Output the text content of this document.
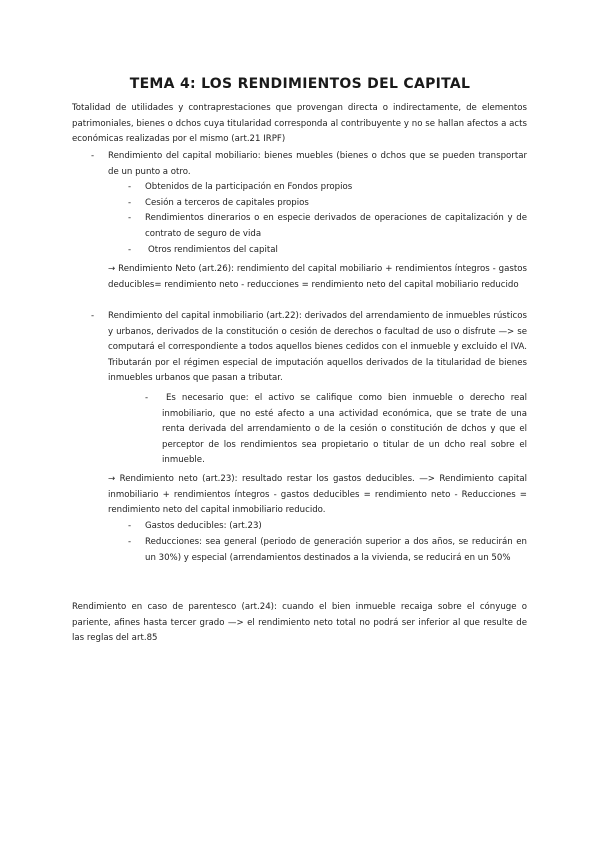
TEMA 4: LOS RENDIMIENTOS DEL CAPITAL

Totalidad de utilidades y contraprestaciones que provengan directa o indirectamente, de elementos patrimoniales, bienes o dchos cuya titularidad corresponda al contribuyente y no se hallan afectos a acts económicas realizadas por el mismo (art.21 IRPF)

- Rendimiento del capital mobiliario: bienes muebles (bienes o dchos que se pueden transportar de un punto a otro.
- Obtenidos de la participación en Fondos propios
- Cesión a terceros de capitales propios
- Rendimientos dinerarios o en especie derivados de operaciones de capitalización y de contrato de seguro de vida
-	Otros rendimientos del capital
→ Rendimiento Neto (art.26): rendimiento del capital mobiliario + rendimientos íntegros - gastos deducibles= rendimiento neto - reducciones = rendimiento neto del capital mobiliario reducido
- Rendimiento del capital inmobiliario (art.22): derivados del arrendamiento de inmuebles rústicos y urbanos, derivados de la constitución o cesión de derechos o facultad de uso o disfrute —> se computará el correspondiente a todos aquellos bienes cedidos con el inmueble y excluido el IVA. Tributarán por el régimen especial de imputación aquellos derivados de la titularidad de bienes inmuebles urbanos que pasan a tributar.
-	Es necesario que: el activo se califique como bien inmueble o derecho real inmobiliario, que no esté afecto a una actividad económica, que se trate de una renta derivada del arrendamiento o de la cesión o constitución de dchos y que el perceptor de los rendimientos sea propietario o titular de un dcho real sobre el inmueble.
→ Rendimiento neto (art.23): resultado restar los gastos deducibles. —> Rendimiento capital inmobiliario + rendimientos íntegros - gastos deducibles = rendimiento neto - Reducciones = rendimiento neto del capital inmobiliario reducido.
- Gastos deducibles: (art.23)
- Reducciones: sea general (periodo de generación superior a dos años, se reducirán en un 30%) y especial (arrendamientos destinados a la vivienda, se reducirá en un 50%

Rendimiento en caso de parentesco (art.24): cuando el bien inmueble recaiga sobre el cónyuge o pariente, afines hasta tercer grado —> el rendimiento neto total no podrá ser inferior al que resulte de las reglas del art.85
